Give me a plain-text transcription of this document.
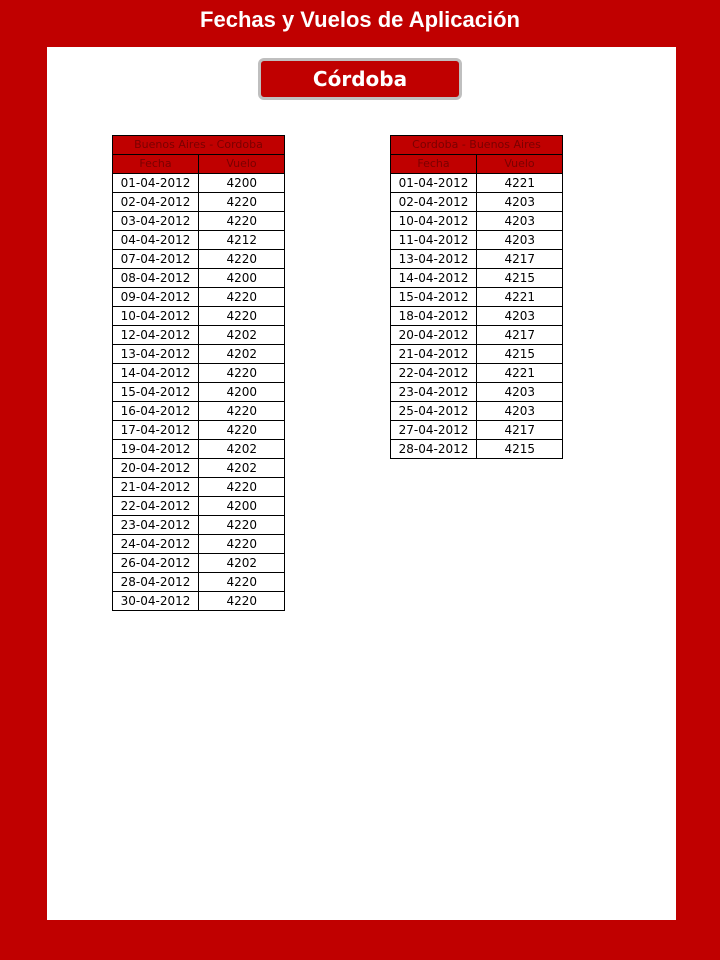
Fechas y Vuelos de Aplicación
Córdoba
Buenos Aires - Cordoba	
Fecha	Vuelo
01-04-2012	4200
02-04-2012	4220
03-04-2012	4220
04-04-2012	4212
07-04-2012	4220
08-04-2012	4200
09-04-2012	4220
10-04-2012	4220
12-04-2012	4202
13-04-2012	4202
14-04-2012	4220
15-04-2012	4200
16-04-2012	4220
17-04-2012	4220
19-04-2012	4202
20-04-2012	4202
21-04-2012	4220
22-04-2012	4200
23-04-2012	4220
24-04-2012	4220
26-04-2012	4202
28-04-2012	4220
30-04-2012	4220
Cordoba - Buenos Aires	
Fecha	Vuelo
01-04-2012	4221
02-04-2012	4203
10-04-2012	4203
11-04-2012	4203
13-04-2012	4217
14-04-2012	4215
15-04-2012	4221
18-04-2012	4203
20-04-2012	4217
21-04-2012	4215
22-04-2012	4221
23-04-2012	4203
25-04-2012	4203
27-04-2012	4217
28-04-2012	4215
